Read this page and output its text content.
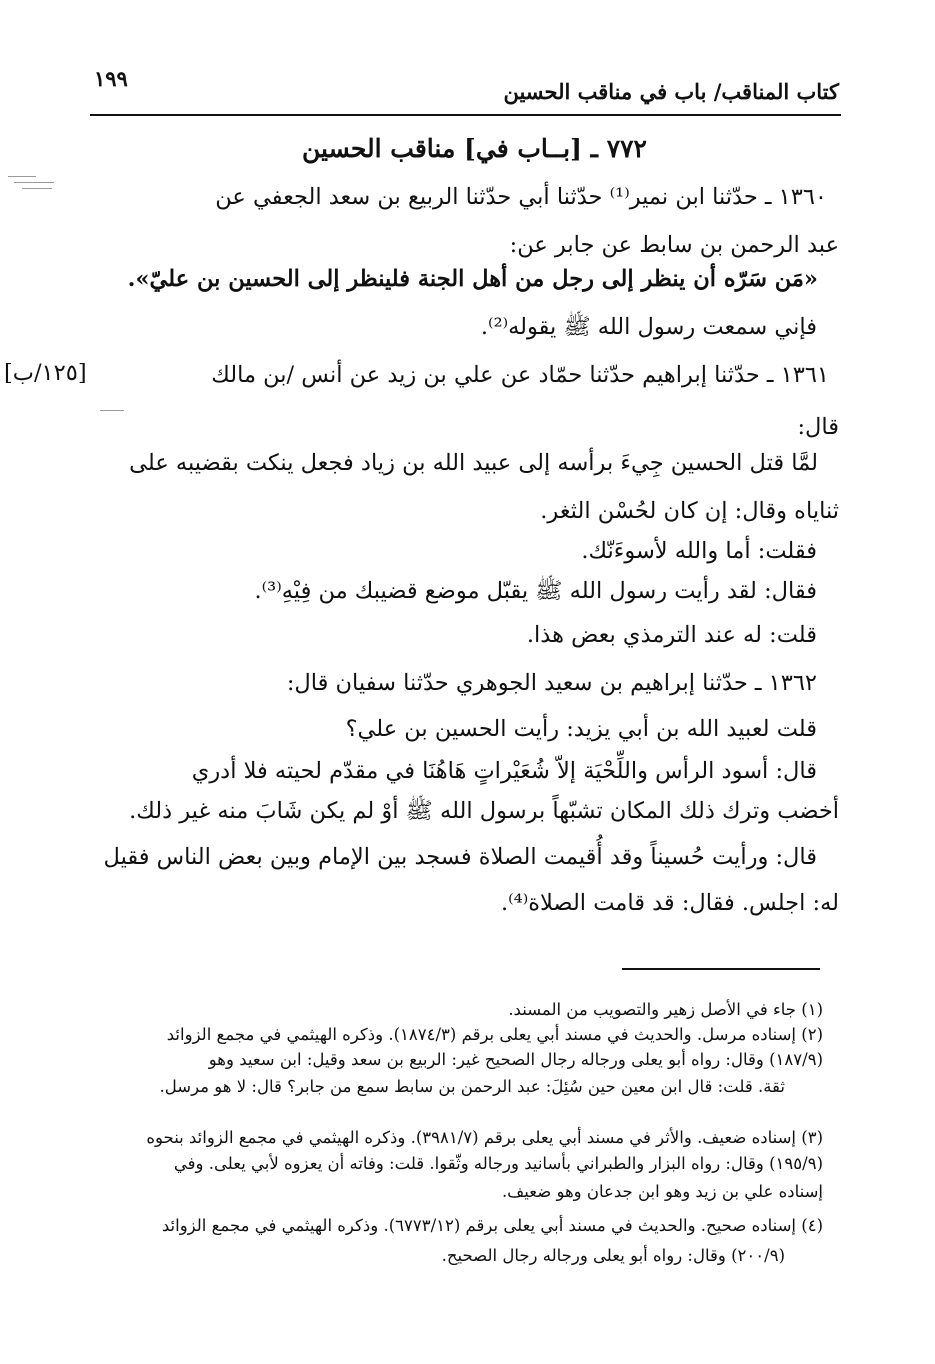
١٩٩
كتاب المناقب/ باب في مناقب الحسين
٧٧٢ ـ [بــاب في] مناقب الحسين
١٣٦٠ ـ حدّثنا ابن نمير⁽¹⁾ حدّثنا أبي حدّثنا الربيع بن سعد الجعفي عن
عبد الرحمن بن سابط عن جابر عن:
«مَن سَرّه أن ينظر إلى رجل من أهل الجنة فلينظر إلى الحسين بن عليّ».
فإني سمعت رسول الله ﷺ يقوله⁽²⁾.
١٣٦١ ـ حدّثنا إبراهيم حدّثنا حمّاد عن علي بن زيد عن أنس /بن مالك
[١٢٥/ب]
قال:
لمَّا قتل الحسين جِيءَ برأسه إلى عبيد الله بن زياد فجعل ينكت بقضيبه على
ثناياه وقال: إن كان لحُسْن الثغر.
فقلت: أما والله لأسوءَنّك.
فقال: لقد رأيت رسول الله ﷺ يقبّل موضع قضيبك من فِيْهِ⁽³⁾.
قلت: له عند الترمذي بعض هذا.
١٣٦٢ ـ حدّثنا إبراهيم بن سعيد الجوهري حدّثنا سفيان قال:
قلت لعبيد الله بن أبي يزيد: رأيت الحسين بن علي؟
قال: أسود الرأس واللِّحْيَة إلاّ شُعَيْراتٍ هَاهُنَا في مقدّم لحيته فلا أدري
أخضب وترك ذلك المكان تشبّهاً برسول الله ﷺ أوْ لم يكن شَابَ منه غير ذلك.
قال: ورأيت حُسيناً وقد أُقيمت الصلاة فسجد بين الإمام وبين بعض الناس فقيل
له: اجلس. فقال: قد قامت الصلاة⁽⁴⁾.
(١) جاء في الأصل زهير والتصويب من المسند.
(٢) إسناده مرسل. والحديث في مسند أبي يعلى برقم (١٨٧٤/٣). وذكره الهيثمي في مجمع الزوائد
(١٨٧/٩) وقال: رواه أبو يعلى ورجاله رجال الصحيح غير: الربيع بن سعد وقيل: ابن سعيد وهو
ثقة. قلت: قال ابن معين حين سُئِلَ: عبد الرحمن بن سابط سمع من جابر؟ قال: لا هو مرسل.
(٣) إسناده ضعيف. والأثر في مسند أبي يعلى برقم (٣٩٨١/٧). وذكره الهيثمي في مجمع الزوائد بنحوه
(١٩٥/٩) وقال: رواه البزار والطبراني بأسانيد ورجاله وثّقوا. قلت: وفاته أن يعزوه لأبي يعلى. وفي
إسناده علي بن زيد وهو ابن جدعان وهو ضعيف.
(٤) إسناده صحيح. والحديث في مسند أبي يعلى برقم (٦٧٧٣/١٢). وذكره الهيثمي في مجمع الزوائد
(٢٠٠/٩) وقال: رواه أبو يعلى ورجاله رجال الصحيح.
